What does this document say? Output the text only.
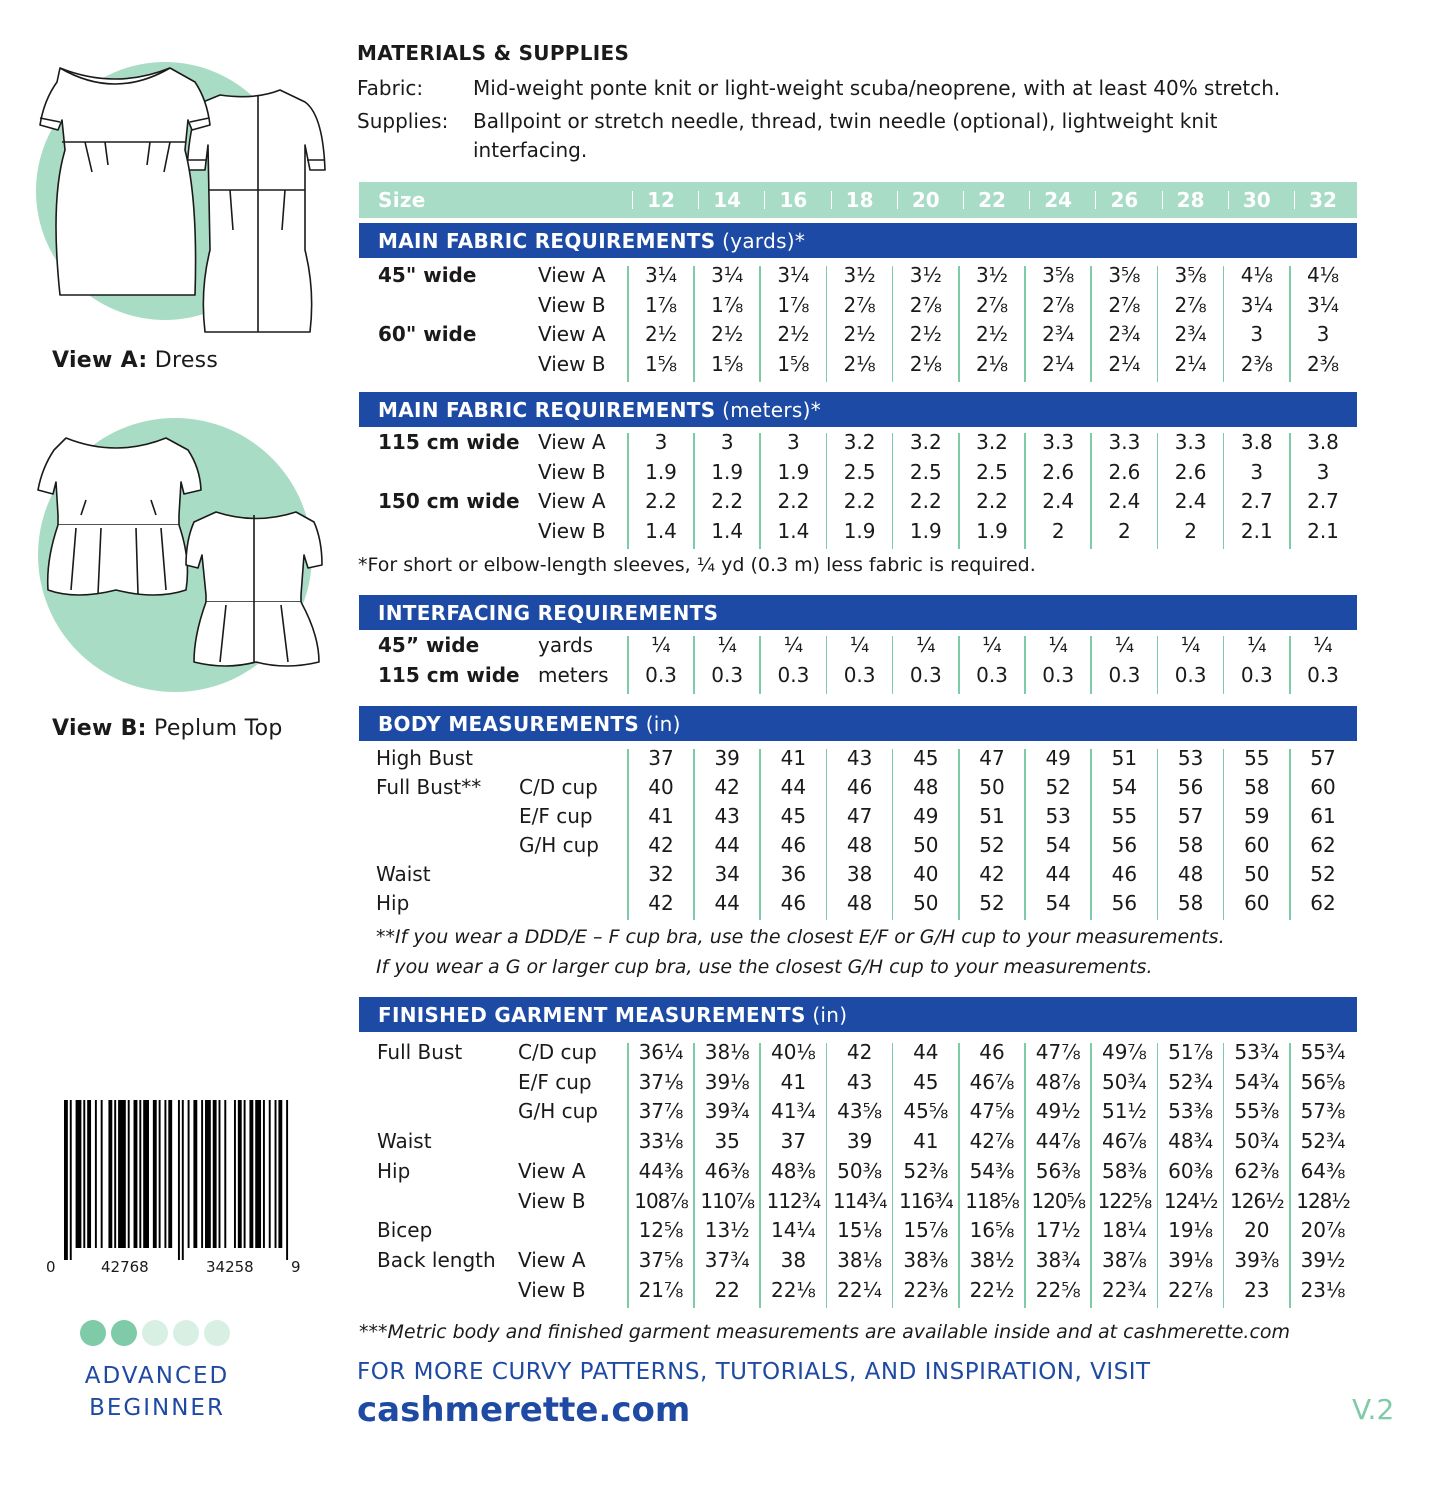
View A: Dress
View B: Peplum Top
0	42768	34258 9
ADVANCED
BEGINNER
MATERIALS & SUPPLIES
Fabric:	Mid-weight ponte knit or light-weight scuba/neoprene, with at least 40% stretch.
Supplies:	Ballpoint or stretch needle, thread, twin needle (optional), lightweight knit interfacing.
Size	12	14	16	18	20	22	24	26	28	30	32
MAIN FABRIC REQUIREMENTS (yards)*
45" wide	View A	3¼	3¼	3¼	3½	3½	3½	3⅝	3⅝	3⅝	4⅛	4⅛
View B	1⅞	1⅞	1⅞	2⅞	2⅞	2⅞	2⅞	2⅞	2⅞	3¼	3¼
60" wide	View A	2½	2½	2½	2½	2½	2½	2¾	2¾	2¾	3	3
View B	1⅝	1⅝	1⅝	2⅛	2⅛	2⅛	2¼	2¼	2¼	2⅜	2⅜
MAIN FABRIC REQUIREMENTS (meters)*
115 cm wide View A	3	3	3	3.2	3.2	3.2	3.3	3.3	3.3	3.8	3.8
View B	1.9	1.9	1.9	2.5	2.5	2.5	2.6	2.6	2.6	3	3
150 cm wide View A	2.2	2.2	2.2	2.2	2.2	2.2	2.4	2.4	2.4	2.7	2.7
View B	1.4	1.4	1.4	1.9	1.9	1.9	2	2	2	2.1	2.1
*For short or elbow-length sleeves, ¼ yd (0.3 m) less fabric is required.
INTERFACING REQUIREMENTS
45” wide	yards	¼	¼	¼	¼	¼	¼	¼	¼	¼	¼	¼
115 cm wide meters	0.3	0.3	0.3	0.3	0.3	0.3	0.3	0.3	0.3	0.3	0.3
BODY MEASUREMENTS (in)
High Bust	37	39	41	43	45	47	49	51	53	55	57
Full Bust** C/D cup	40	42	44	46	48	50	52	54	56	58	60
E/F cup	41	43	45	47	49	51	53	55	57	59	61
G/H cup	42	44	46	48	50	52	54	56	58	60	62
Waist	32	34	36	38	40	42	44	46	48	50	52
Hip	42	44	46	48	50	52	54	56	58	60	62
**If you wear a DDD/E – F cup bra, use the closest E/F or G/H cup to your measurements.
If you wear a G or larger cup bra, use the closest G/H cup to your measurements.
FINISHED GARMENT MEASUREMENTS (in)
Full Bust	C/D cup	36¼	38⅛	40⅛	42	44	46	47⅞	49⅞	51⅞	53¾	55¾
E/F cup	37⅛	39⅛	41	43	45	46⅞	48⅞	50¾	52¾	54¾	56⅝
G/H cup	37⅞	39¾	41¾	43⅝	45⅝	47⅝	49½	51½	53⅜	55⅜	57⅜
Waist	33⅛	35	37	39	41	42⅞	44⅞	46⅞	48¾	50¾	52¾
Hip	View A	44⅜	46⅜	48⅜	50⅜	52⅜	54⅜	56⅜	58⅜	60⅜	62⅜	64⅜
View B	108⅞ 110⅞ 112¾ 114¾ 116¾ 118⅝ 120⅝ 122⅝ 124½ 126½ 128½
Bicep	12⅝	13½	14¼	15⅛	15⅞	16⅝	17½	18¼	19⅛	20	20⅞
Back length View A	37⅝	37¾	38	38⅛	38⅜	38½	38¾	38⅞	39⅛	39⅜	39½
View B	21⅞	22	22⅛	22¼	22⅜	22½	22⅝	22¾	22⅞	23	23⅛
***Metric body and finished garment measurements are available inside and at cashmerette.com
FOR MORE CURVY PATTERNS, TUTORIALS, AND INSPIRATION, VISIT
cashmerette.com	V.2
